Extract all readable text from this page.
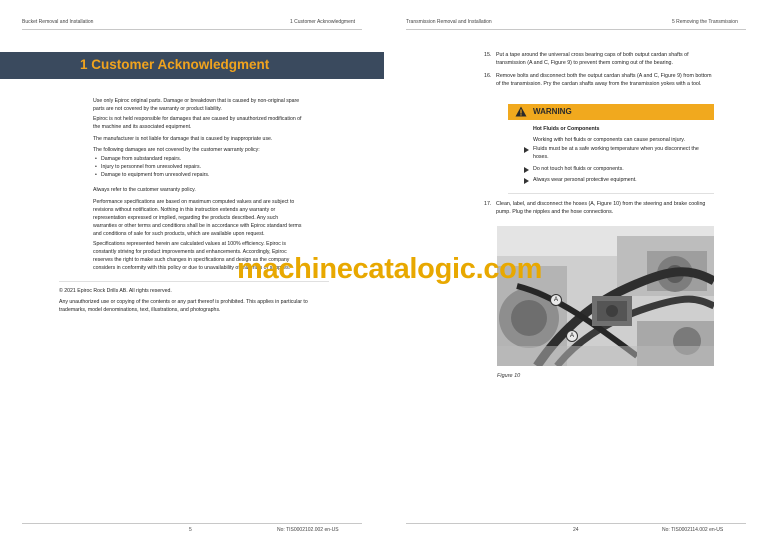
Bucket Removal and Installation	1 Customer Acknowledgment
1 Customer Acknowledgment
Use only Epiroc original parts. Damage or breakdown that is caused by non-original spare parts are not covered by the warranty or product liability.
Epiroc is not held responsible for damages that are caused by unauthorized modification of the machine and its associated equipment.
The manufacturer is not liable for damage that is caused by inappropriate use.
The following damages are not covered by the customer warranty policy:
• Damage from substandard repairs.
• Injury to personnel from unresolved repairs.
• Damage to equipment from unresolved repairs.
Always refer to the customer warranty policy.
Performance specifications are based on maximum computed values and are subject to revisions without notification. Nothing in this instruction extends any warranty or representation expressed or implied, regarding the products described. Any such warranties or other terms and conditions shall be in accordance with Epiroc standard terms and conditions of sale for such products, which are available upon request.
Specifications represented herein are calculated values at 100% efficiency. Epiroc is constantly striving for product improvements and enhancements. Accordingly, Epiroc reserves the right to make such changes in specifications and design as the company considers in conformity with this policy or due to unavailability of materials or supplies.
© 2021 Epiroc Rock Drills AB. All rights reserved.
Any unauthorized use or copying of the contents or any part thereof is prohibited. This applies in particular to trademarks, model denominations, text, illustrations, and photographs.
5	No: TIS0002102.002 en-US
Transmission Removal and Installation	5 Removing the Transmission
24	No: TIS0002114.002 en-US
15. Put a tape around the universal cross bearing caps of both output cardan shafts of transmission (A and C, Figure 9) to prevent them coming out of the bearing.
16. Remove bolts and disconnect both the output cardan shafts (A and C, Figure 9) from bottom of the transmission. Pry the cardan shafts away from the transmission yokes with a tool.
WARNING
Hot Fluids or Components
Working with hot fluids or components can cause personal injury.
Fluids must be at a safe working temperature when you disconnect the hoses.
Do not touch hot fluids or components.
Always wear personal protective equipment.
17. Clean, label, and disconnect the hoses (A, Figure 10) from the steering and brake cooling pump. Plug the nipples and the hose connections.
A
A
Figure 10
machinecatalogic.com
